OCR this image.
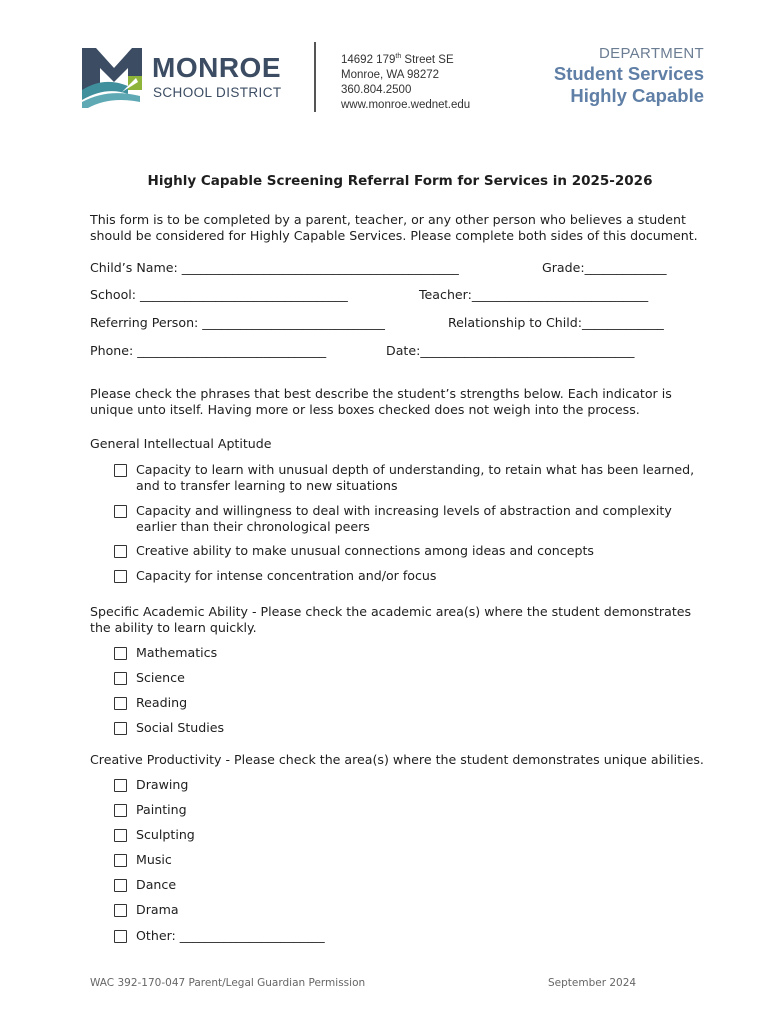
MONROE
SCHOOL DISTRICT
14692 179th Street SE
Monroe, WA 98272
360.804.2500
www.monroe.wednet.edu
DEPARTMENT
Student Services
Highly Capable
Highly Capable Screening Referral Form for Services in 2025-2026
This form is to be completed by a parent, teacher, or any other person who believes a student should be considered for Highly Capable Services. Please complete both sides of this document.
Child’s Name: ____________________________________________	Grade:_____________
School: _________________________________	Teacher:____________________________
Referring Person: _____________________________	Relationship to Child:_____________
Phone: ______________________________	Date:__________________________________
Please check the phrases that best describe the student’s strengths below. Each indicator is unique unto itself. Having more or less boxes checked does not weigh into the process.
General Intellectual Aptitude
Capacity to learn with unusual depth of understanding, to retain what has been learned, and to transfer learning to new situations
Capacity and willingness to deal with increasing levels of abstraction and complexity earlier than their chronological peers
Creative ability to make unusual connections among ideas and concepts
Capacity for intense concentration and/or focus
Specific Academic Ability - Please check the academic area(s) where the student demonstrates the ability to learn quickly.
Mathematics
Science
Reading
Social Studies
Creative Productivity - Please check the area(s) where the student demonstrates unique abilities.
Drawing
Painting
Sculpting
Music
Dance
Drama
Other: _______________________
WAC 392-170-047 Parent/Legal Guardian Permission	September 2024
